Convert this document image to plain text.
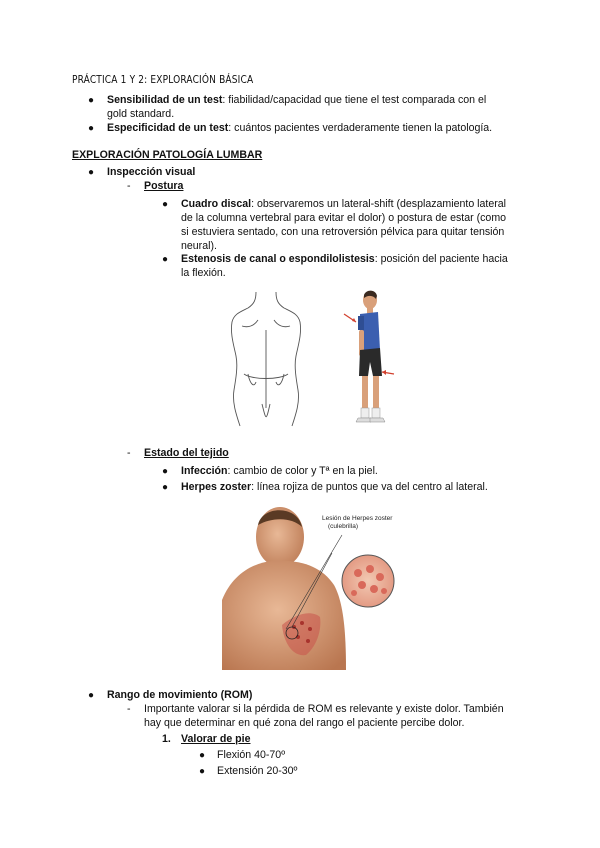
PRÁCTICA 1 Y 2: EXPLORACIÓN BÁSICA
● Sensibilidad de un test: fiabilidad/capacidad que tiene el test comparada con el
gold standard.
● Especificidad de un test: cuántos pacientes verdaderamente tienen la patología.
EXPLORACIÓN PATOLOGÍA LUMBAR
● Inspección visual
- Postura
● Cuadro discal: observaremos un lateral-shift (desplazamiento lateral
de la columna vertebral para evitar el dolor) o postura de estar (como
si estuviera sentado, con una retroversión pélvica para quitar tensión
neural).
● Estenosis de canal o espondilolistesis: posición del paciente hacia
la flexión.
- Estado del tejido
● Infección: cambio de color y Tª en la piel.
● Herpes zoster: línea rojiza de puntos que va del centro al lateral.
Lesión de Herpes zoster
(culebrilla)
● Rango de movimiento (ROM)
- Importante valorar si la pérdida de ROM es relevante y existe dolor. También
hay que determinar en qué zona del rango el paciente percibe dolor.
1. Valorar de pie
● Flexión 40-70º
● Extensión 20-30º
